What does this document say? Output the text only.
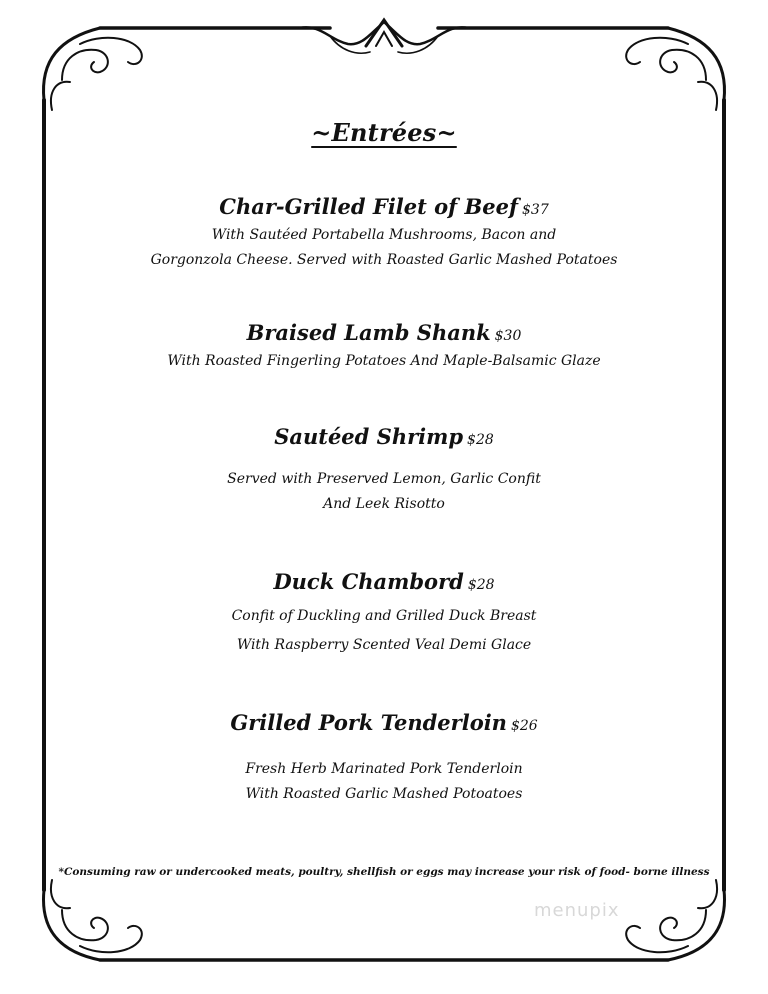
~Entrées~
Char-Grilled Filet of Beef $37
With Sautéed Portabella Mushrooms, Bacon and
Gorgonzola Cheese. Served with Roasted Garlic Mashed Potatoes
Braised Lamb Shank $30
With Roasted Fingerling Potatoes And Maple-Balsamic Glaze
Sautéed Shrimp $28
Served with Preserved Lemon, Garlic Confit
And Leek Risotto
Duck Chambord $28
Confit of Duckling and Grilled Duck Breast
With Raspberry Scented Veal Demi Glace
Grilled Pork Tenderloin $26
Fresh Herb Marinated Pork Tenderloin
With Roasted Garlic Mashed Potoatoes
*Consuming raw or undercooked meats, poultry, shellfish or eggs may increase your risk of food- borne illness
menupix
